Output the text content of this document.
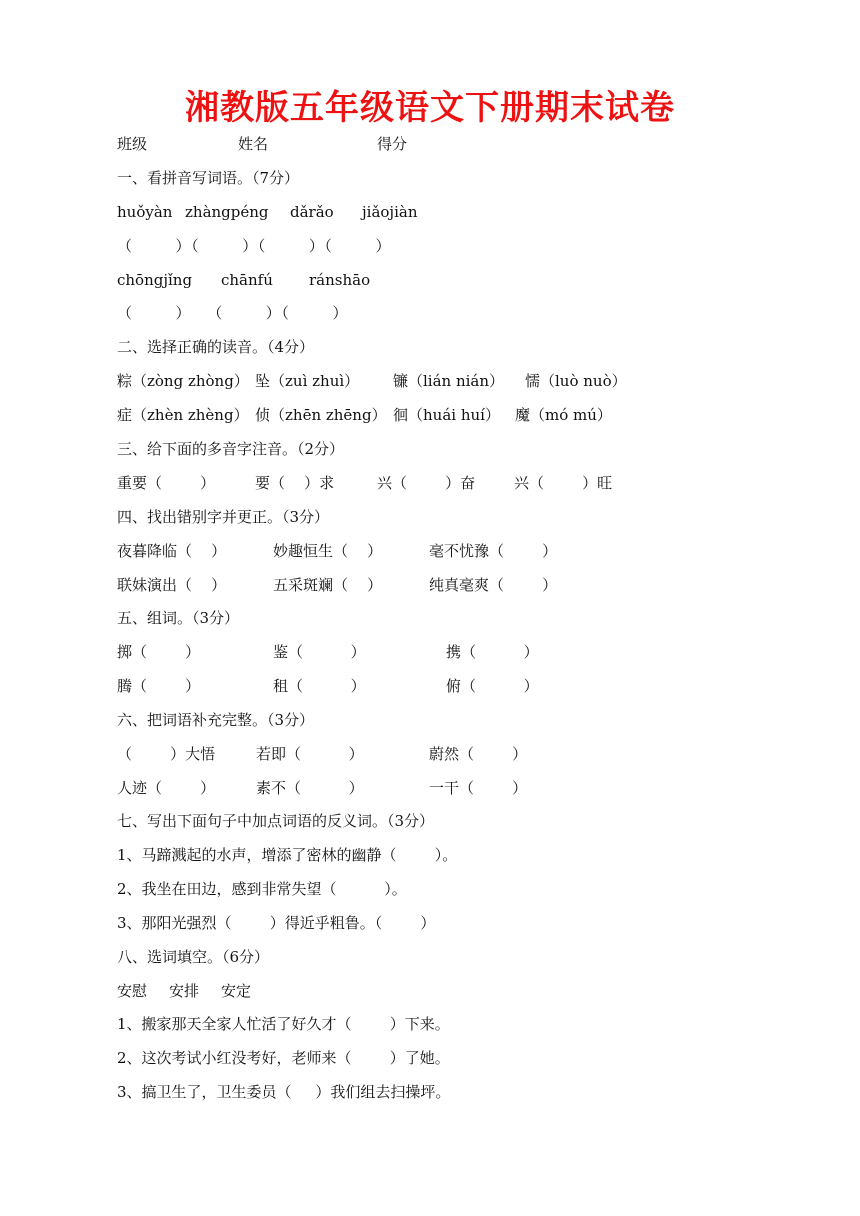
湘教版五年级语文下册期末试卷

班级

	姓名

	得分

一、看拼音写词语。（7分）

huǒyàn

zhàngpéng

dǎrǎo

jiǎojiàn

（        ）（        ）（        ）（        ）

chōngjǐng

chānfú

ránshāo

（        ）   （        ）（        ）
二、选择正确的读音。（4分）

粽（zòng zhòng）

坠（zuì zhuì）

镰（lián nián）

懦（luò nuò）

症（zhèn zhèng）

侦（zhēn zhēng）

徊（huái huí）

魔（mó mú）

三、给下面的多音字注音。（2分）

重要（        ）

	要（    ）求

	兴（        ）奋

	兴（        ）旺

四、找出错别字并更正。（3分）

夜暮降临（    ）

	妙趣恒生（    ）

	毫不忧豫（        ）

联妹演出（    ）

	五采斑斓（    ）

	纯真毫爽（        ）

五、组词。（3分）

掷（        ）

	鉴（          ）

	携（          ）

腾（        ）

	租（          ）

	俯（          ）

六、把词语补充完整。（3分）

（        ）大悟

	若即（          ）

	蔚然（        ）

人迹（        ）

	素不（          ）

	一干（        ）

七、写出下面句子中加点词语的反义词。（3分）
1、马蹄溅起的水声，增添了密林的幽静（        ）。
2、我坐在田边，感到非常失望（          ）。
3、那阳光强烈（        ）得近乎粗鲁。（        ）
八、选词填空。（6分）

安慰

安排

安定

1、搬家那天全家人忙活了好久才（        ）下来。
2、这次考试小红没考好，老师来（        ）了她。
3、搞卫生了，卫生委员（     ）我们组去扫操坪。
